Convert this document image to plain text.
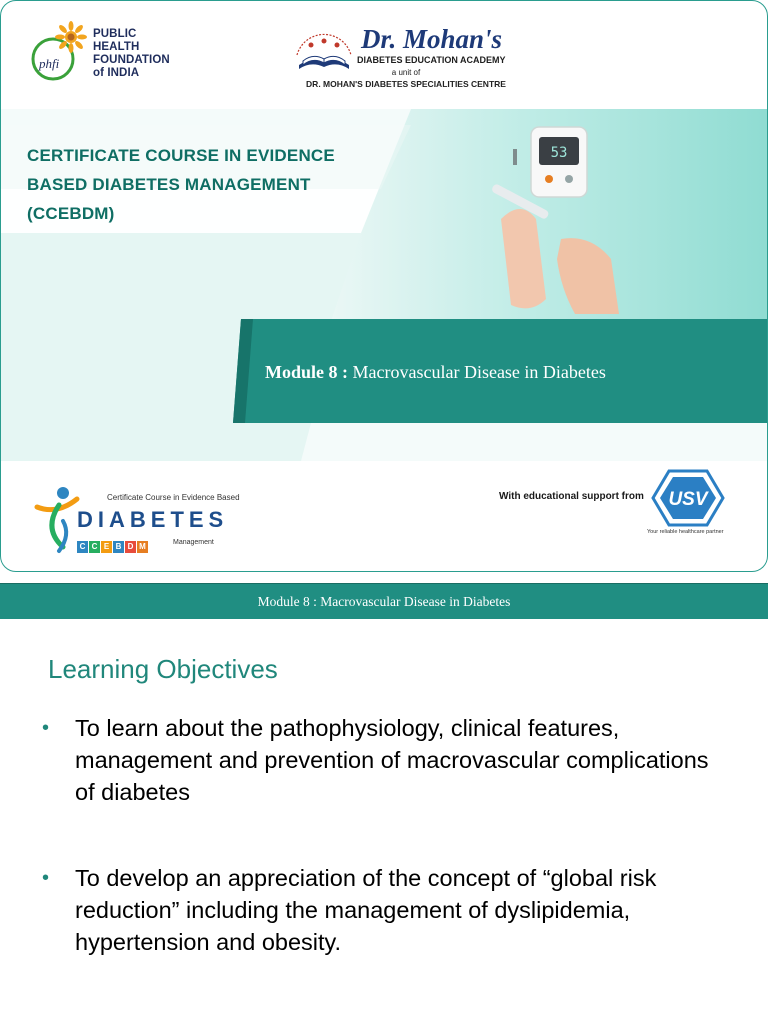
phfi
PUBLIC
HEALTH
FOUNDATION
of INDIA
Dr. Mohan's
DIABETES EDUCATION ACADEMY
a unit of
DR. MOHAN'S DIABETES SPECIALITIES CENTRE
53
CERTIFICATE COURSE IN EVIDENCE
BASED DIABETES MANAGEMENT
(CCEBDM)
Module 8 : Macrovascular Disease in Diabetes
Certificate Course in Evidence Based
DIABETES
C C E B D M	Management
With educational support from USV
Your reliable healthcare partner
Module 8 : Macrovascular Disease in Diabetes
Learning Objectives
• To learn about the pathophysiology, clinical features, management and prevention of macrovascular complications of diabetes
• To develop an appreciation of the concept of “global risk reduction” including the management of dyslipidemia, hypertension and obesity.
